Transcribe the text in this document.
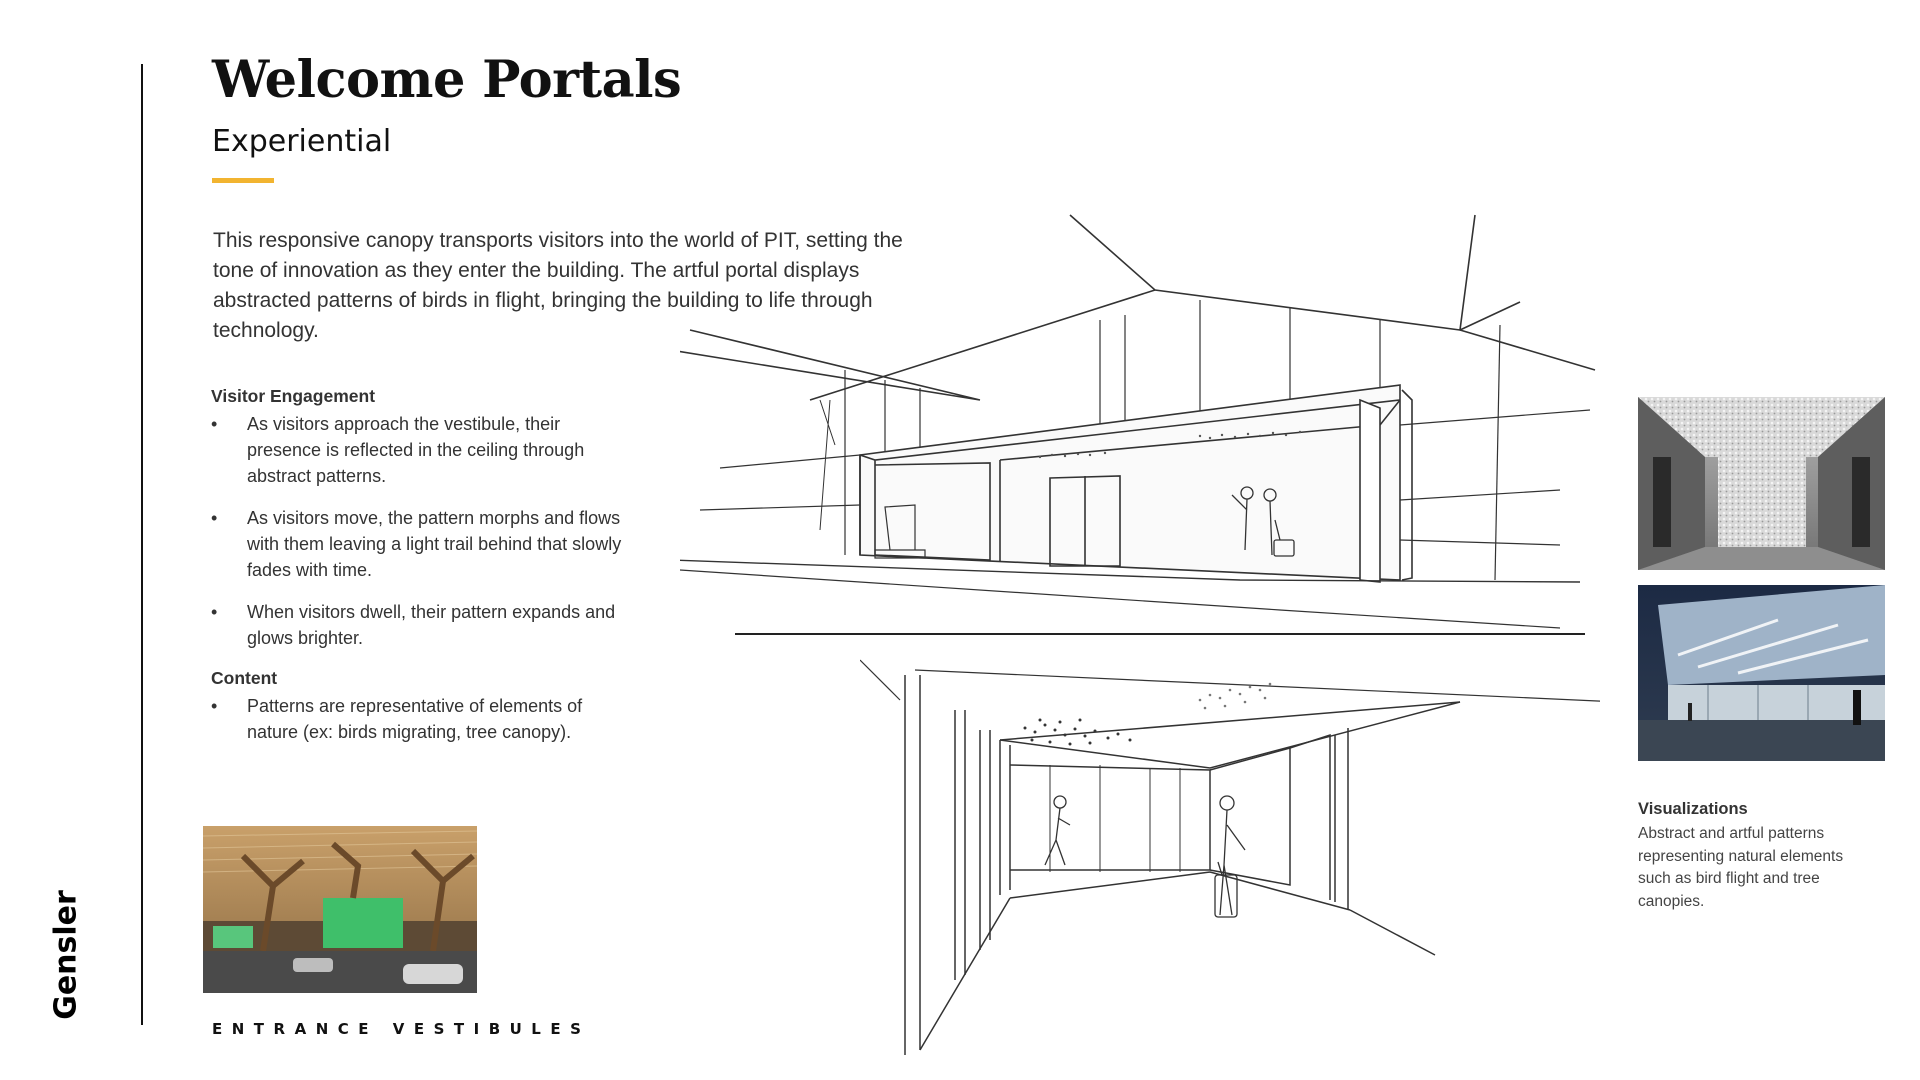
Gensler
Welcome Portals
Experiential

This responsive canopy transports visitors into the world of PIT, setting the tone of innovation as they enter the building. The artful portal displays abstracted patterns of birds in flight, bringing the building to life through technology.

Visitor Engagement
• As visitors approach the vestibule, their presence is reflected in the ceiling through abstract patterns.
• As visitors move, the pattern morphs and flows with them leaving a light trail behind that slowly fades with time.
• When visitors dwell, their pattern expands and glows brighter.
Content
• Patterns are representative of elements of nature (ex: birds migrating, tree canopy).

ENTRANCE VESTIBULES

Visualizations

Abstract and artful patterns representing natural elements such as bird flight and tree canopies.
